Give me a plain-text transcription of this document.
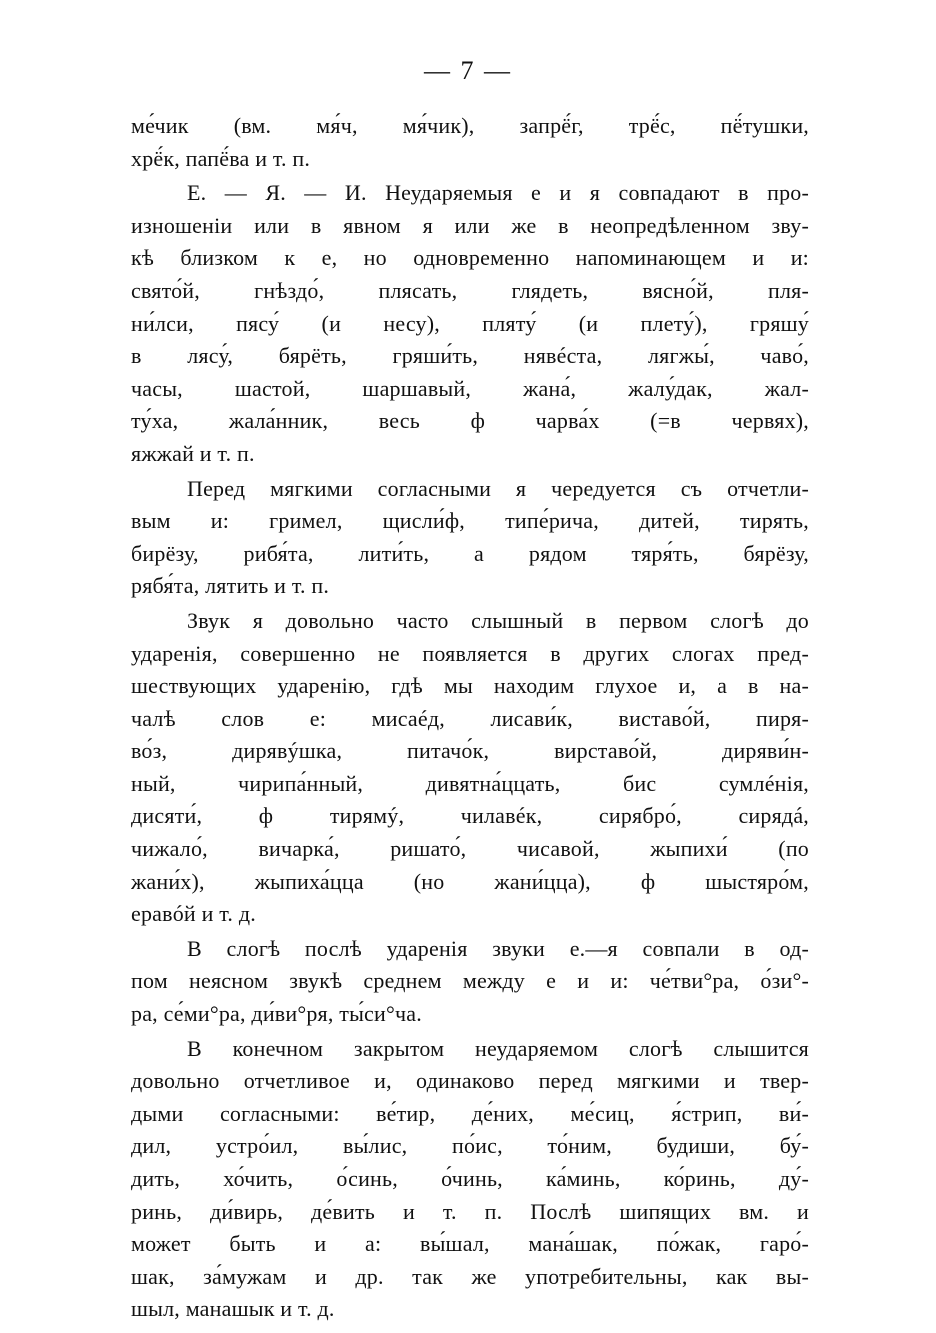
— 7 —
ме́чик (вм. мя́ч, мя́чик), запрё́г, трё́с, пё́тушки,
хрё́к, папё́ва и т. п.
Е. — Я. — И. Неударяемыя е и я совпадают в про-
изношеніи или в явном я или же в неопредѣленном зву-
кѣ близком к е, но одновременно напоминающем и и:
свято́й, гнѣздо́, плясать, глядеть, вясно́й, пля-
ни́лси, пясу́ (и несу), пляту́ (и плету́), гряшу́
в лясу́, бярёть, гряши́ть, нявéста, лягжы́, чаво́,
часы, шастой, шаршавый, жана́, жалу́дак, жал-
ту́ха, жала́нник, весь ф чарва́х (=в червях),
яжжай и т. п.
Перед мягкими согласными я чередуется съ отчетли-
вым и: гримел, щисли́ф, типе́рича, дитей, тирять,
бирёзу, рибя́та, лити́ть, а рядом тяря́ть, бярёзу,
рябя́та, лятить и т. п.
Звук я довольно часто слышный в первом слогѣ до
ударенія, совершенно не появляется в других слогах пред-
шествующих ударенію, гдѣ мы находим глухое и, а в на-
чалѣ слов е: мисаéд, лисави́к, виставо́й, пиря-
во́з, дирявýшка, питачо́к, вирставо́й, диряви́н-
ный, чирипа́нный, дивятна́ццать, бис сумлéнія,
дисяти́, ф тирямý, чилавéк, сирябро́, сирядá,
чижало́, вичарка́, ришато́, чисавой, жыпихи́ (по
жани́х), жыпиха́цца (но жани́цца), ф шыстяро́м,
еравóй и т. д.
В слогѣ послѣ ударенія звуки е.—я совпали в од-
пом неясном звукѣ среднем между е и и: че́тви°ра, о́зи°-
ра, се́ми°ра, ди́ви°ря, ты́си°ча.
В конечном закрытом неударяемом слогѣ слышится
довольно отчетливое и, одинаково перед мягкими и твер-
дыми согласными: ве́тир, де́них, ме́сиц, я́стрип, ви́-
дил, устро́ил, вы́лис, по́ис, то́ним, будиши, бу́-
дить, хо́чить, о́синь, о́чинь, ка́минь, ко́ринь, ду́-
ринь, ди́вирь, де́вить и т. п. Послѣ шипящих вм. и
может быть и а: вы́шал, мана́шак, по́жак, гаро́-
шак, за́мужам и др. так же употребительны, как вы-
шыл, манашык и т. д.
